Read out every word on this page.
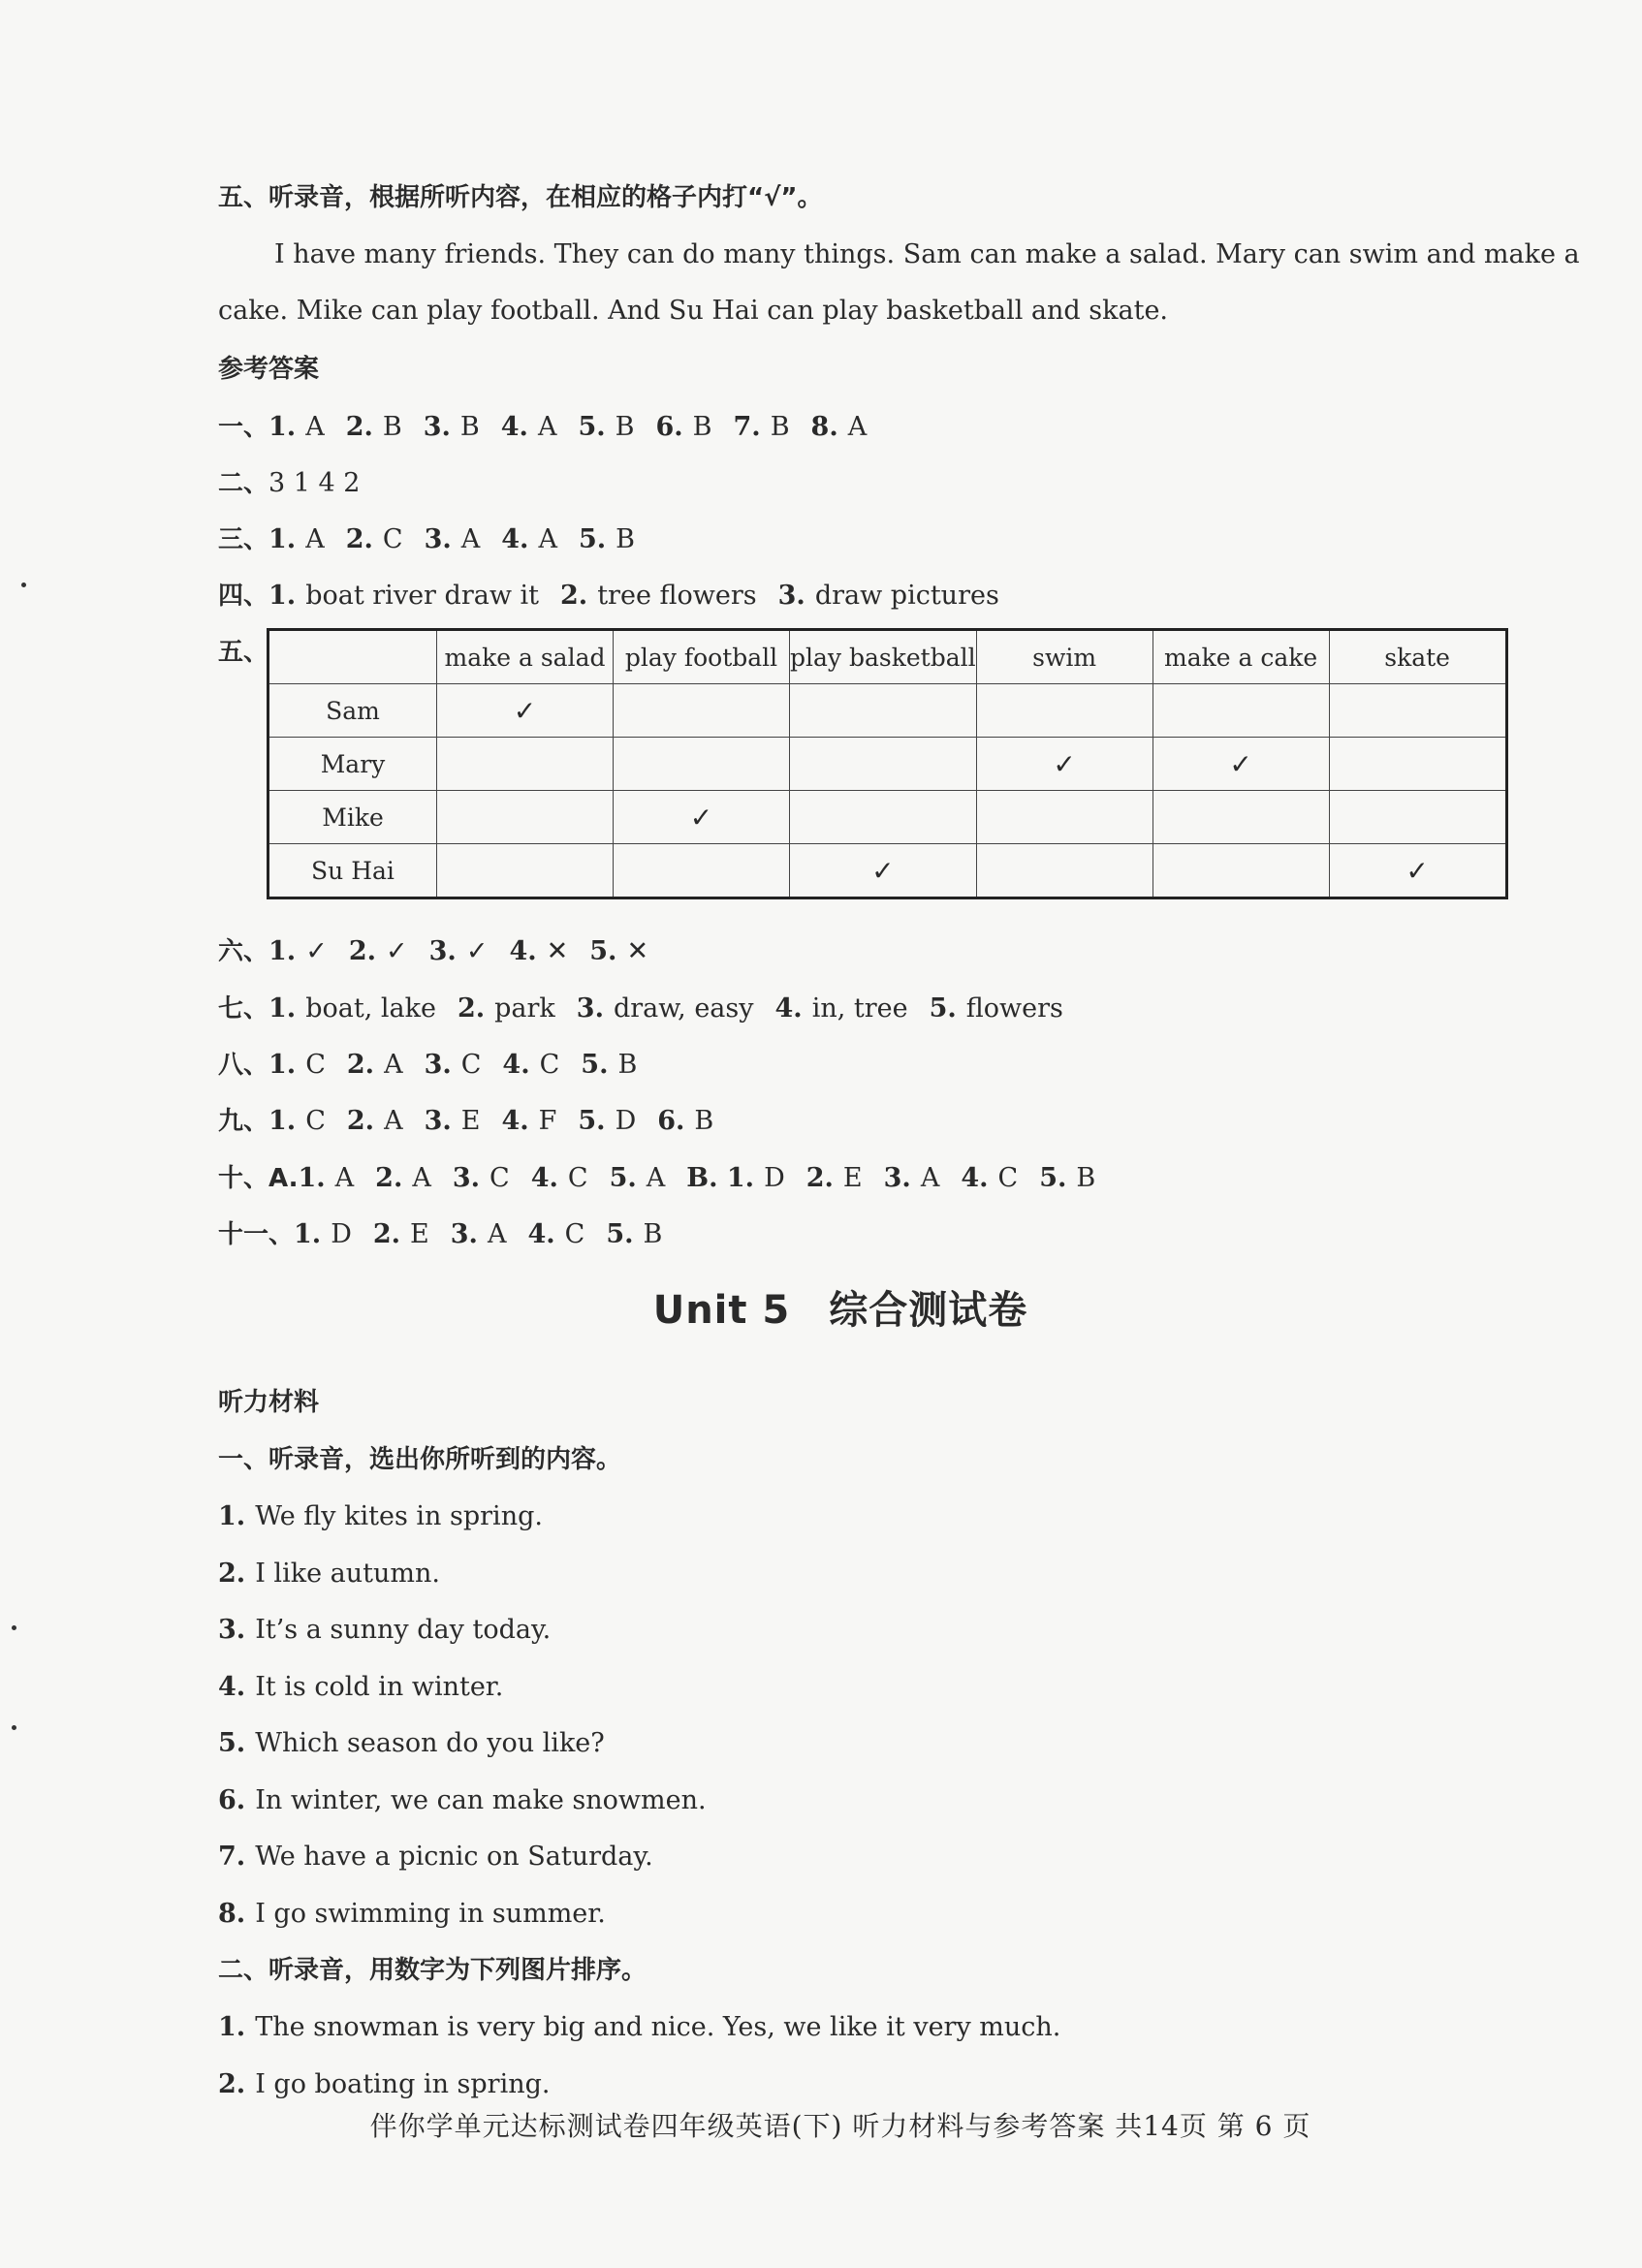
五、听录音，根据所听内容，在相应的格子内打“√”。
I have many friends. They can do many things. Sam can make a salad. Mary can swim and make a
cake. Mike can play football. And Su Hai can play basketball and skate.
参考答案
一、1. A 2. B 3. B 4. A 5. B 6. B 7. B 8. A
二、3 1 4 2
三、1. A 2. C 3. A 4. A 5. B
四、1. boat river draw it 2. tree flowers 3. draw pictures
五、
		make a salad	play football	play basketball	swim	make a cake	skate
Sam	✓					
Mary				✓	✓	
Mike		✓				
Su Hai			✓			✓
六、1. ✓ 2. ✓ 3. ✓ 4. ✕ 5. ✕
七、1. boat, lake 2. park 3. draw, easy 4. in, tree 5. flowers
八、1. C 2. A 3. C 4. C 5. B
九、1. C 2. A 3. E 4. F 5. D 6. B
十、A.1. A 2. A 3. C 4. C 5. A B. 1. D 2. E 3. A 4. C 5. B
十一、1. D 2. E 3. A 4. C 5. B
Unit 5 综合测试卷
听力材料
一、听录音，选出你所听到的内容。
1. We fly kites in spring.
2. I like autumn.
3. It’s a sunny day today.
4. It is cold in winter.
5. Which season do you like?
6. In winter, we can make snowmen.
7. We have a picnic on Saturday.
8. I go swimming in summer.
二、听录音，用数字为下列图片排序。
1. The snowman is very big and nice. Yes, we like it very much.
2. I go boating in spring.
伴你学单元达标测试卷四年级英语(下) 听力材料与参考答案 共14页 第 6 页
